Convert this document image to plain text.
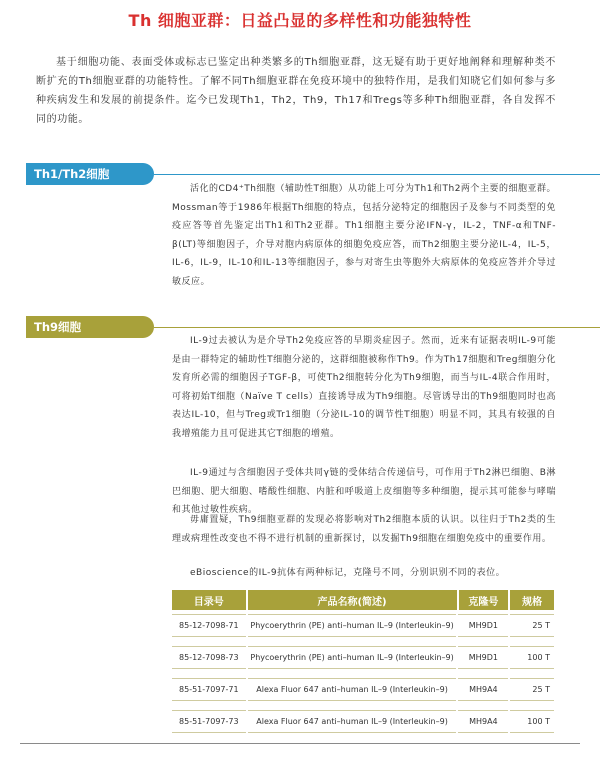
Th 细胞亚群：日益凸显的多样性和功能独特性

基于细胞功能、表面受体或标志已鉴定出种类繁多的Th细胞亚群，这无疑有助于更好地阐释和理解种类不断扩充的Th细胞亚群的功能特性。了解不同Th细胞亚群在免疫环境中的独特作用，是我们知晓它们如何参与多种疾病发生和发展的前提条件。迄今已发现Th1，Th2，Th9，Th17和Tregs等多种Th细胞亚群，各自发挥不同的功能。

Th1/Th2细胞

活化的CD4⁺Th细胞（辅助性T细胞）从功能上可分为Th1和Th2两个主要的细胞亚群。Mossman等于1986年根据Th细胞的特点，包括分泌特定的细胞因子及参与不同类型的免疫应答等首先鉴定出Th1和Th2亚群。Th1细胞主要分泌IFN-γ，IL-2，TNF-α和TNF-β(LT)等细胞因子，介导对胞内病原体的细胞免疫应答，而Th2细胞主要分泌IL-4，IL-5，IL-6，IL-9，IL-10和IL-13等细胞因子，参与对寄生虫等胞外大病原体的免疫应答并介导过敏反应。

Th9细胞

IL-9过去被认为是介导Th2免疫应答的早期炎症因子。然而，近来有证据表明IL-9可能是由一群特定的辅助性T细胞分泌的，这群细胞被称作Th9。作为Th17细胞和Treg细胞分化发育所必需的细胞因子TGF-β，可使Th2细胞转分化为Th9细胞，而当与IL-4联合作用时，可将初始T细胞（Naïve T cells）直接诱导成为Th9细胞。尽管诱导出的Th9细胞同时也高表达IL-10，但与Treg或Tr1细胞（分泌IL-10的调节性T细胞）明显不同，其具有较强的自我增殖能力且可促进其它T细胞的增殖。

IL-9通过与含细胞因子受体共同γ链的受体结合传递信号，可作用于Th2淋巴细胞、B淋巴细胞、肥大细胞、嗜酸性细胞、内脏和呼吸道上皮细胞等多种细胞，提示其可能参与哮喘和其他过敏性疾病。

毋庸置疑，Th9细胞亚群的发现必将影响对Th2细胞本质的认识。以往归于Th2类的生理或病理性改变也不得不进行机制的重新探讨，以发掘Th9细胞在细胞免疫中的重要作用。

eBioscience的IL-9抗体有两种标记，克隆号不同，分别识别不同的表位。

目录号	产品名称(简述)	克隆号	规格
85-12-7098-71	Phycoerythrin (PE) anti–human IL–9 (Interleukin–9)	MH9D1	25 T
85-12-7098-73	Phycoerythrin (PE) anti–human IL–9 (Interleukin–9)	MH9D1	100 T
85-51-7097-71	Alexa Fluor 647 anti–human IL–9 (Interleukin–9)	MH9A4	25 T
85-51-7097-73	Alexa Fluor 647 anti–human IL–9 (Interleukin–9)	MH9A4	100 T
